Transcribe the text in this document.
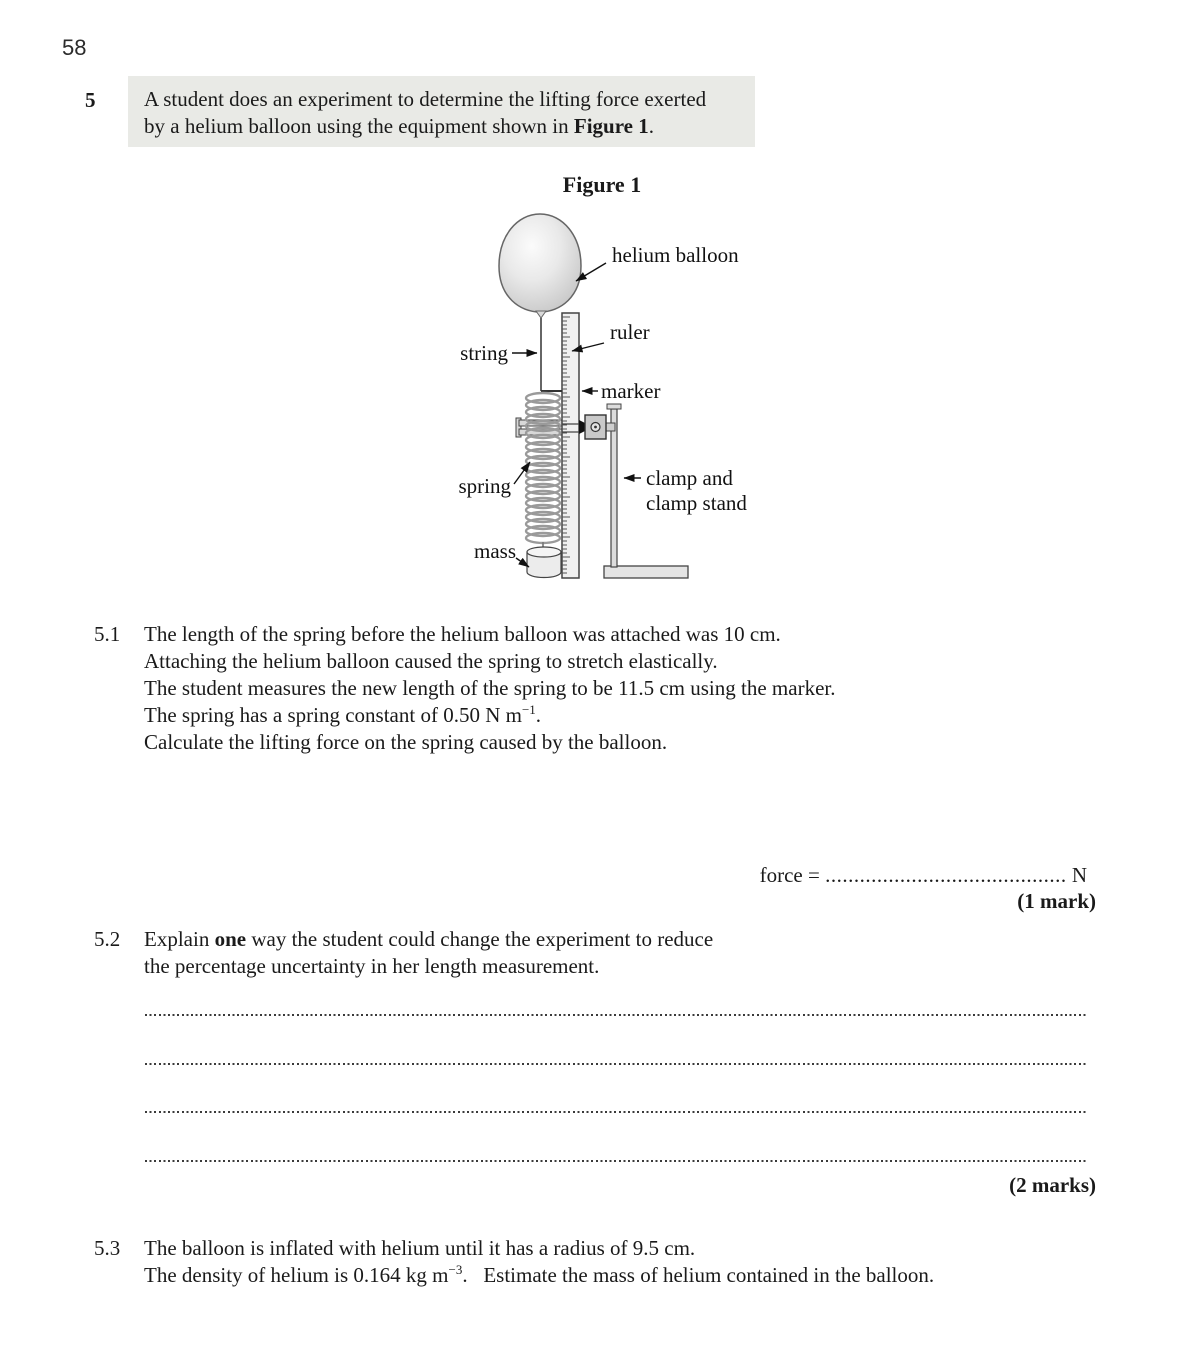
58
5 A student does an experiment to determine the lifting force exerted
by a helium balloon using the equipment shown in Figure 1.
Figure 1
helium balloon
ruler
string
marker
spring	clamp and
clamp stand
mass
5.1	The length of the spring before the helium balloon was attached was 10 cm.
Attaching the helium balloon caused the spring to stretch elastically.
The student measures the new length of the spring to be 11.5 cm using the marker.
The spring has a spring constant of 0.50 N $m^{-1}$.
Calculate the lifting force on the spring caused by the balloon.
force = .......................................... N
(1 mark)
5.2	Explain one way the student could change the experiment to reduce
the percentage uncertainty in her length measurement.
(2 marks)
5.3	The balloon is inflated with helium until it has a radius of 9.5 cm.
The density of helium is 0.164 kg $m^{-3}$.   Estimate the mass of helium contained in the balloon.
